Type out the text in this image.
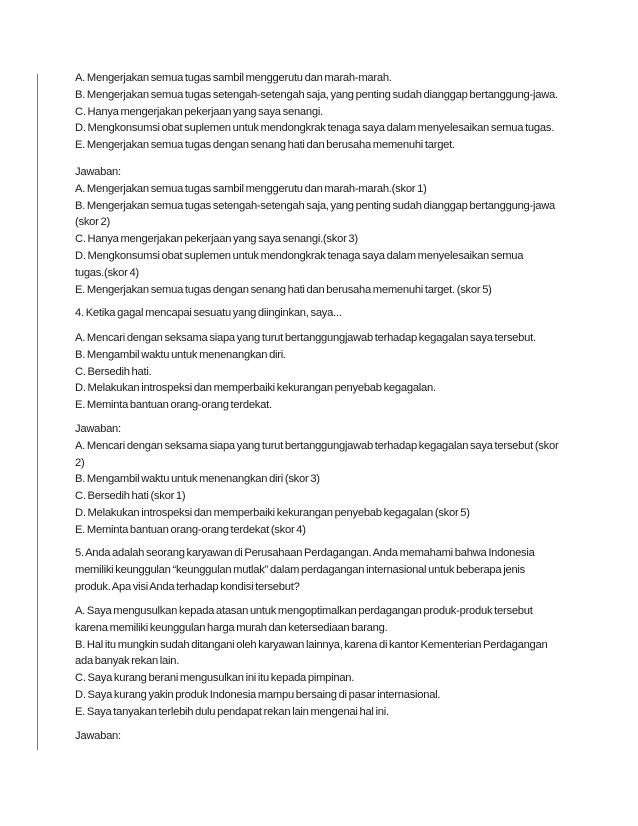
A. Mengerjakan semua tugas sambil menggerutu dan marah-marah.
B. Mengerjakan semua tugas setengah-setengah saja, yang penting sudah dianggap bertanggung-jawa.
C. Hanya mengerjakan pekerjaan yang saya senangi.
D. Mengkonsumsi obat suplemen untuk mendongkrak tenaga saya dalam menyelesaikan semua tugas.
E. Mengerjakan semua tugas dengan senang hati dan berusaha memenuhi target.
Jawaban:
A. Mengerjakan semua tugas sambil menggerutu dan marah-marah.(skor 1)
B. Mengerjakan semua tugas setengah-setengah saja, yang penting sudah dianggap bertanggung-jawa
(skor 2)
C. Hanya mengerjakan pekerjaan yang saya senangi.(skor 3)
D. Mengkonsumsi obat suplemen untuk mendongkrak tenaga saya dalam menyelesaikan semua
tugas.(skor 4)
E. Mengerjakan semua tugas dengan senang hati dan berusaha memenuhi target. (skor 5)
4. Ketika gagal mencapai sesuatu yang diinginkan, saya...
A. Mencari dengan seksama siapa yang turut bertanggungjawab terhadap kegagalan saya tersebut.
B. Mengambil waktu untuk menenangkan diri.
C. Bersedih hati.
D. Melakukan introspeksi dan memperbaiki kekurangan penyebab kegagalan.
E. Meminta bantuan orang-orang terdekat.
Jawaban:
A. Mencari dengan seksama siapa yang turut bertanggungjawab terhadap kegagalan saya tersebut (skor
2)
B. Mengambil waktu untuk menenangkan diri (skor 3)
C. Bersedih hati (skor 1)
D. Melakukan introspeksi dan memperbaiki kekurangan penyebab kegagalan (skor 5)
E. Meminta bantuan orang-orang terdekat (skor 4)
5. Anda adalah seorang karyawan di Perusahaan Perdagangan. Anda memahami bahwa Indonesia
memiliki keunggulan “keunggulan mutlak” dalam perdagangan internasional untuk beberapa jenis
produk. Apa visi Anda terhadap kondisi tersebut?
A. Saya mengusulkan kepada atasan untuk mengoptimalkan perdagangan produk-produk tersebut
karena memiliki keunggulan harga murah dan ketersediaan barang.
B. Hal itu mungkin sudah ditangani oleh karyawan lainnya, karena di kantor Kementerian Perdagangan
ada banyak rekan lain.
C. Saya kurang berani mengusulkan ini itu kepada pimpinan.
D. Saya kurang yakin produk Indonesia mampu bersaing di pasar internasional.
E. Saya tanyakan terlebih dulu pendapat rekan lain mengenai hal ini.
Jawaban:
